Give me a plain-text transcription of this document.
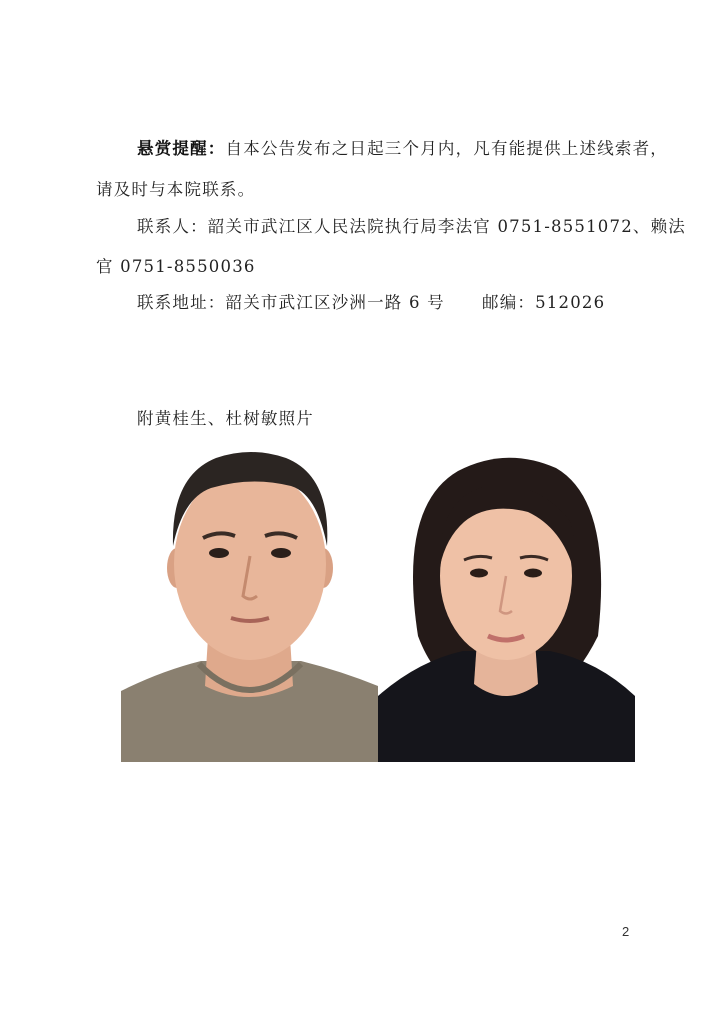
悬赏提醒：自本公告发布之日起三个月内，凡有能提供上述线索者，
请及时与本院联系。
联系人：韶关市武江区人民法院执行局李法官 0751-8551072、赖法
官 0751-8550036
联系地址：韶关市武江区沙洲一路 6 号 邮编：512026
附黄桂生、杜树敏照片
2
